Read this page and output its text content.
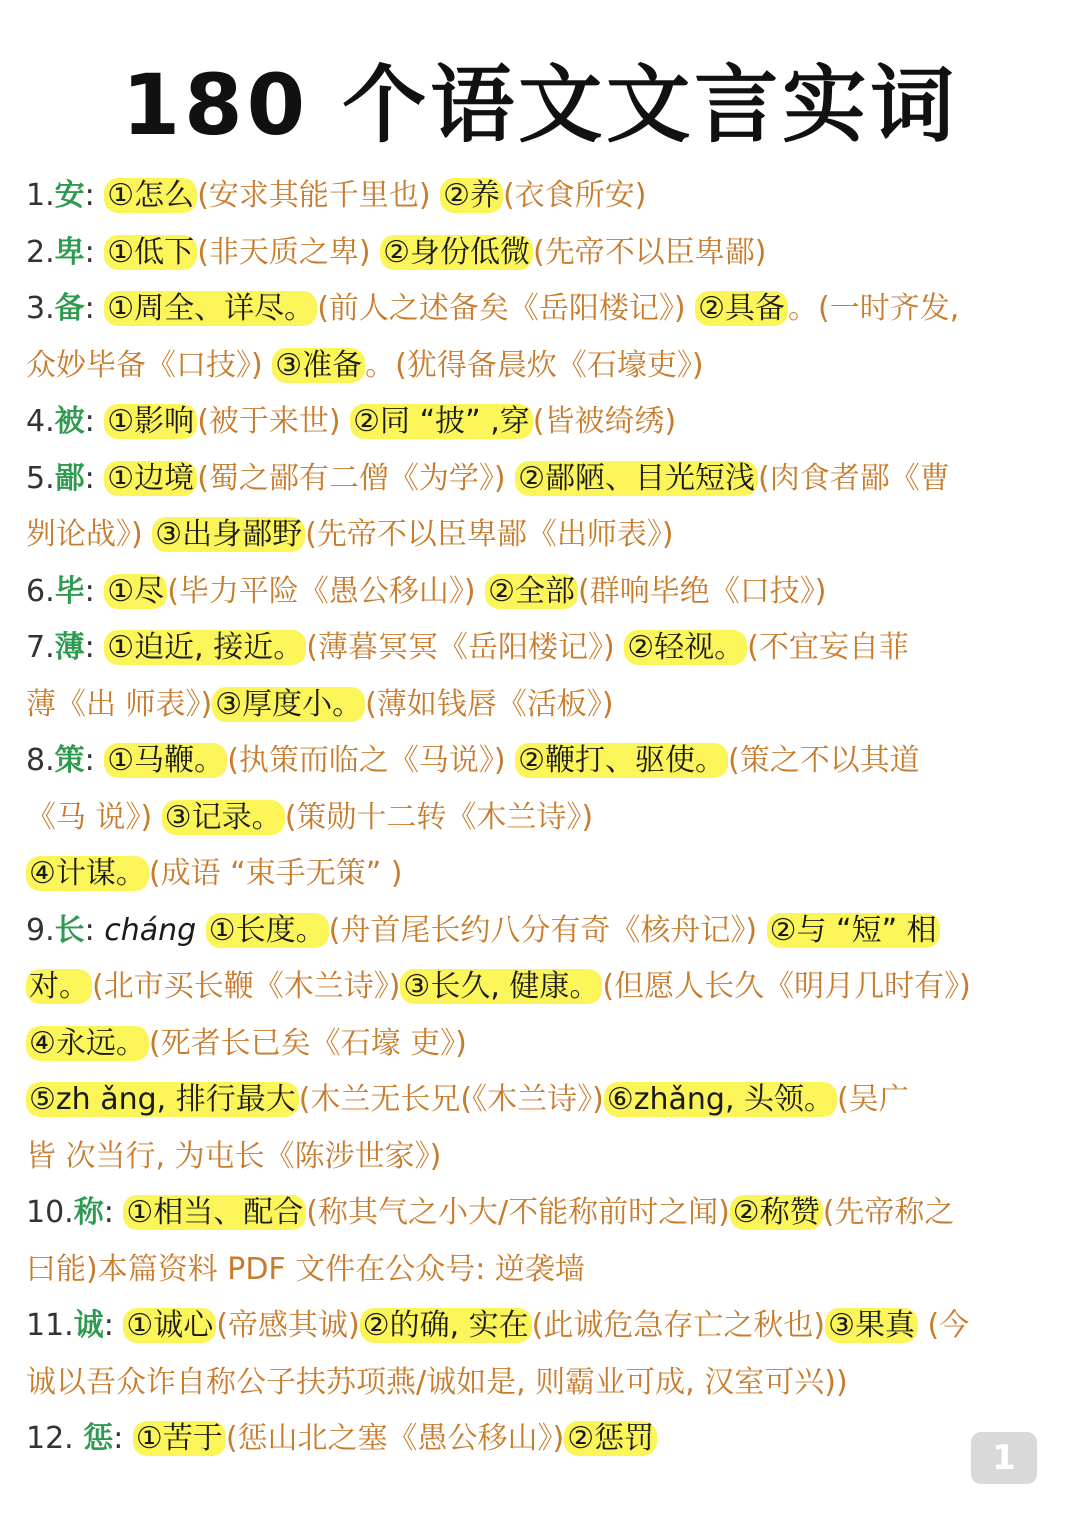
180 个语文文言实词
1.安: ①怎么 (安求其能千里也) ②养 (衣食所安)
2.卑: ①低下 (非天质之卑) ②身份低微 (先帝不以臣卑鄙)
3.备: ①周全、详尽。 (前人之述备矣《岳阳楼记》) ②具备 。(一时齐发,
众妙毕备《口技》) ③准备 。(犹得备晨炊《石壕吏》)
4.被: ①影响 (被于来世) ②同 “披” ,穿 (皆被绮绣)
5.鄙: ①边境 (蜀之鄙有二僧《为学》) ②鄙陋、目光短浅 (肉食者鄙《曹
刿论战》) ③出身鄙野 (先帝不以臣卑鄙《出师表》)
6.毕: ①尽 (毕力平险《愚公移山》) ②全部 (群响毕绝《口技》)
7.薄: ①迫近, 接近。 (薄暮冥冥《岳阳楼记》) ②轻视。 (不宜妄自菲
薄《出 师表》) ③厚度小。 (薄如钱唇《活板》)
8.策: ①马鞭。 (执策而临之《马说》) ②鞭打、驱使。 (策之不以其道
《马 说》) ③记录。 (策勋十二转《木兰诗》)
④计谋。 (成语 “束手无策” )
9.长: cháng ①长度。 (舟首尾长约八分有奇《核舟记》) ②与 “短” 相
对。 (北市买长鞭《木兰诗》) ③长久, 健康。 (但愿人长久《明月几时有》)
④永远。 (死者长已矣《石壕 吏》)
⑤zh ǎng, 排行最大 (木兰无长兄(《木兰诗》) ⑥zhǎng, 头领。 (吴广
皆 次当行, 为屯长《陈涉世家》)
10.称: ①相当、配合 (称其气之小大/不能称前时之闻) ②称赞 (先帝称之
曰能)本篇资料 PDF 文件在公众号: 逆袭墙
11.诚: ①诚心 (帝感其诚) ②的确, 实在 (此诚危急存亡之秋也) ③果真 (今
诚以吾众诈自称公子扶苏项燕/诚如是, 则霸业可成, 汉室可兴))
12. 惩: ①苦于 (惩山北之塞《愚公移山》) ②惩罚	1
